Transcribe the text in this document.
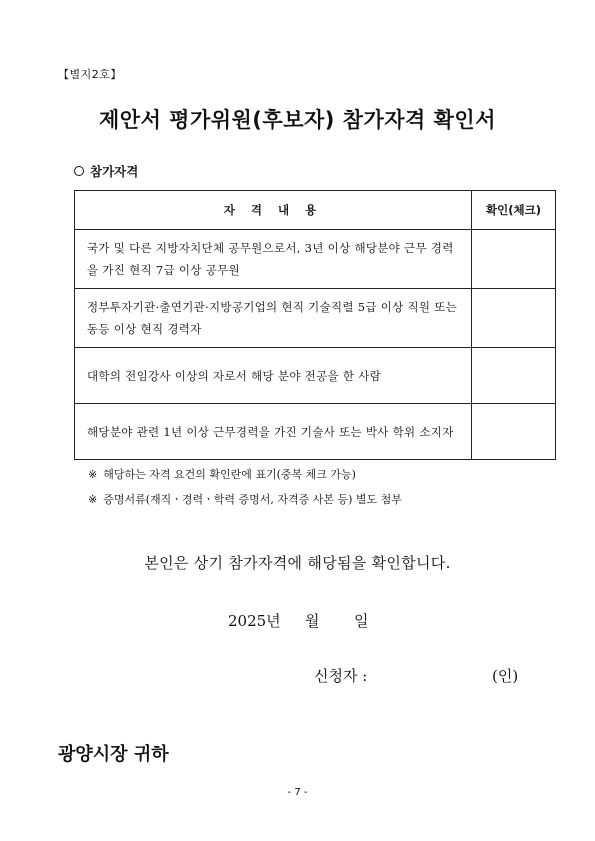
【별지2호】
제안서 평가위원(후보자) 참가자격 확인서
참가자격
자 격 내 용	확인(체크)
국가 및 다른 지방자치단체 공무원으로서, 3년 이상 해당분야 근무 경력을 가진 현직 7급 이상 공무원	
정부투자기관·출연기관·지방공기업의 현직 기술직렬 5급 이상 직원 또는 동등 이상 현직 경력자	
대학의 전임강사 이상의 자로서 해당 분야 전공을 한 사람	
해당분야 관련 1년 이상 근무경력을 가진 기술사 또는 박사 학위 소지자	
※ 해당하는 자격 요건의 확인란에 표기(중복 체크 가능)
※ 증명서류(재직ㆍ경력ㆍ학력 증명서, 자격증 사본 등) 별도 첨부
본인은 상기 참가자격에 해당됨을 확인합니다.
2025년 월 일
신청자 :	(인)
광양시장 귀하
- 7 -
